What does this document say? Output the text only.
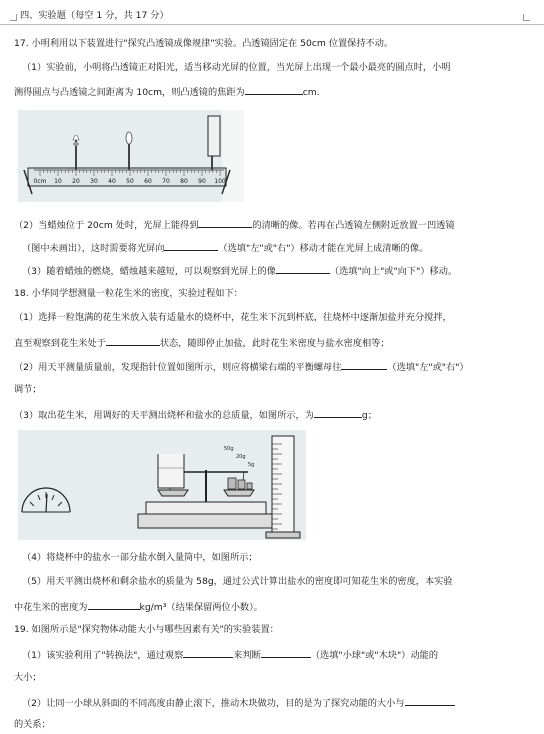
四、实验题（每空 1 分，共 17 分）
17. 小明利用以下装置进行"探究凸透镜成像规律"实验。凸透镜固定在 50cm 位置保持不动。
（1）实验前，小明将凸透镜正对阳光，适当移动光屏的位置，当光屏上出现一个最小最亮的圆点时，小明
测得圆点与凸透镜之间距离为 10cm，则凸透镜的焦距为	cm.
0cm 10 20 30 40 50 60 70 80 90 100
（2）当蜡烛位于 20cm 处时，光屏上能得到	的清晰的像。若再在凸透镜左侧附近放置一凹透镜
（图中未画出），这时需要将光屏向	（选填"左"或"右"）移动才能在光屏上成清晰的像。
（3）随着蜡烛的燃烧，蜡烛越来越短，可以观察到光屏上的像	（选填"向上"或"向下"）移动。
18. 小华同学想测量一粒花生米的密度，实验过程如下：
（1）选择一粒饱满的花生米放入装有适量水的烧杯中，花生米下沉到杯底，往烧杯中逐渐加盐并充分搅拌，
直至观察到花生米处于	状态，随即停止加盐，此时花生米密度与盐水密度相等；
（2）用天平测量质量前，发现指针位置如图所示，则应将横梁右端的平衡螺母往	（选填"左"或"右"）
调节；
（3）取出花生米，用调好的天平测出烧杯和盐水的总质量，如图所示，为	g；
50g
20g
5g
（4）将烧杯中的盐水一部分盐水倒入量筒中，如图所示；
（5）用天平测出烧杯和剩余盐水的质量为 58g，通过公式计算出盐水的密度即可知花生米的密度，本实验
中花生米的密度为	kg/m³（结果保留两位小数）。
19. 如图所示是"探究物体动能大小与哪些因素有关"的实验装置：
（1）该实验利用了"转换法"，通过观察	来判断	（选填"小球"或"木块"）动能的
大小；
（2）让同一小球从斜面的不同高度由静止滚下，推动木块做功，目的是为了探究动能的大小与
的关系；
